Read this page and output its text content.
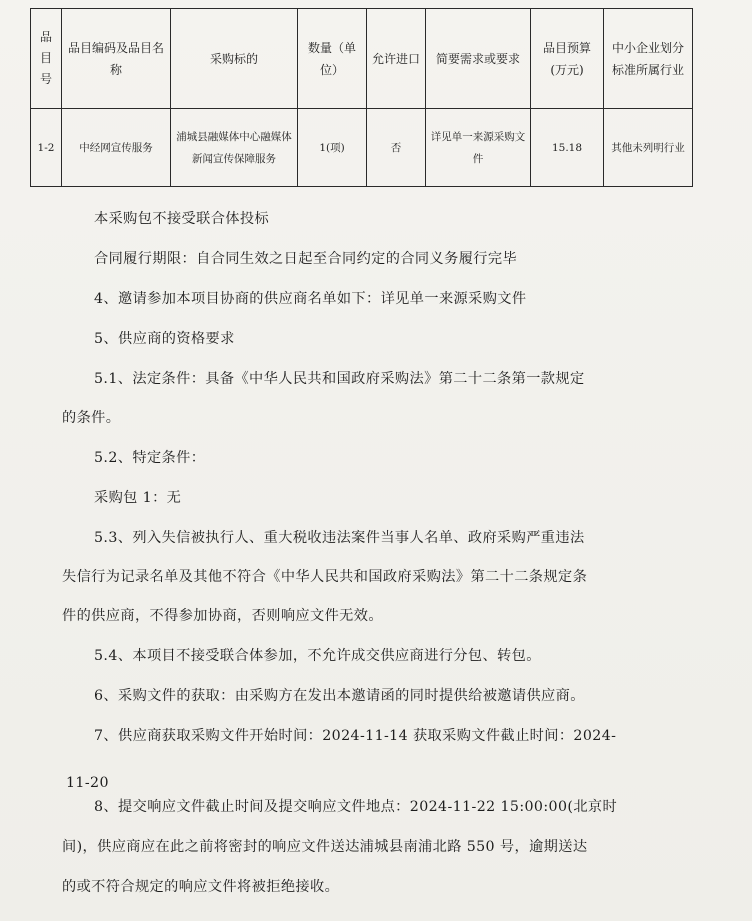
品目号	品目编码及品目名称	采购标的	数量（单位）	允许进口	简要需求或要求	品目预算(万元)	中小企业划分标准所属行业
1-2	中经网宣传服务	浦城县融媒体中心融媒体新闻宣传保障服务	1(项)	否	详见单一来源采购文件	15.18	其他未列明行业
本采购包不接受联合体投标
合同履行期限：自合同生效之日起至合同约定的合同义务履行完毕
4、邀请参加本项目协商的供应商名单如下：详见单一来源采购文件
5、供应商的资格要求
5.1、法定条件：具备《中华人民共和国政府采购法》第二十二条第一款规定
的条件。
5.2、特定条件：
采购包 1：无
5.3、列入失信被执行人、重大税收违法案件当事人名单、政府采购严重违法
失信行为记录名单及其他不符合《中华人民共和国政府采购法》第二十二条规定条
件的供应商，不得参加协商，否则响应文件无效。
5.4、本项目不接受联合体参加，不允许成交供应商进行分包、转包。
6、采购文件的获取：由采购方在发出本邀请函的同时提供给被邀请供应商。
7、供应商获取采购文件开始时间：2024-11-14 获取采购文件截止时间：2024-
11-20
8、提交响应文件截止时间及提交响应文件地点：2024-11-22 15:00:00(北京时
间)，供应商应在此之前将密封的响应文件送达浦城县南浦北路 550 号，逾期送达
的或不符合规定的响应文件将被拒绝接收。
